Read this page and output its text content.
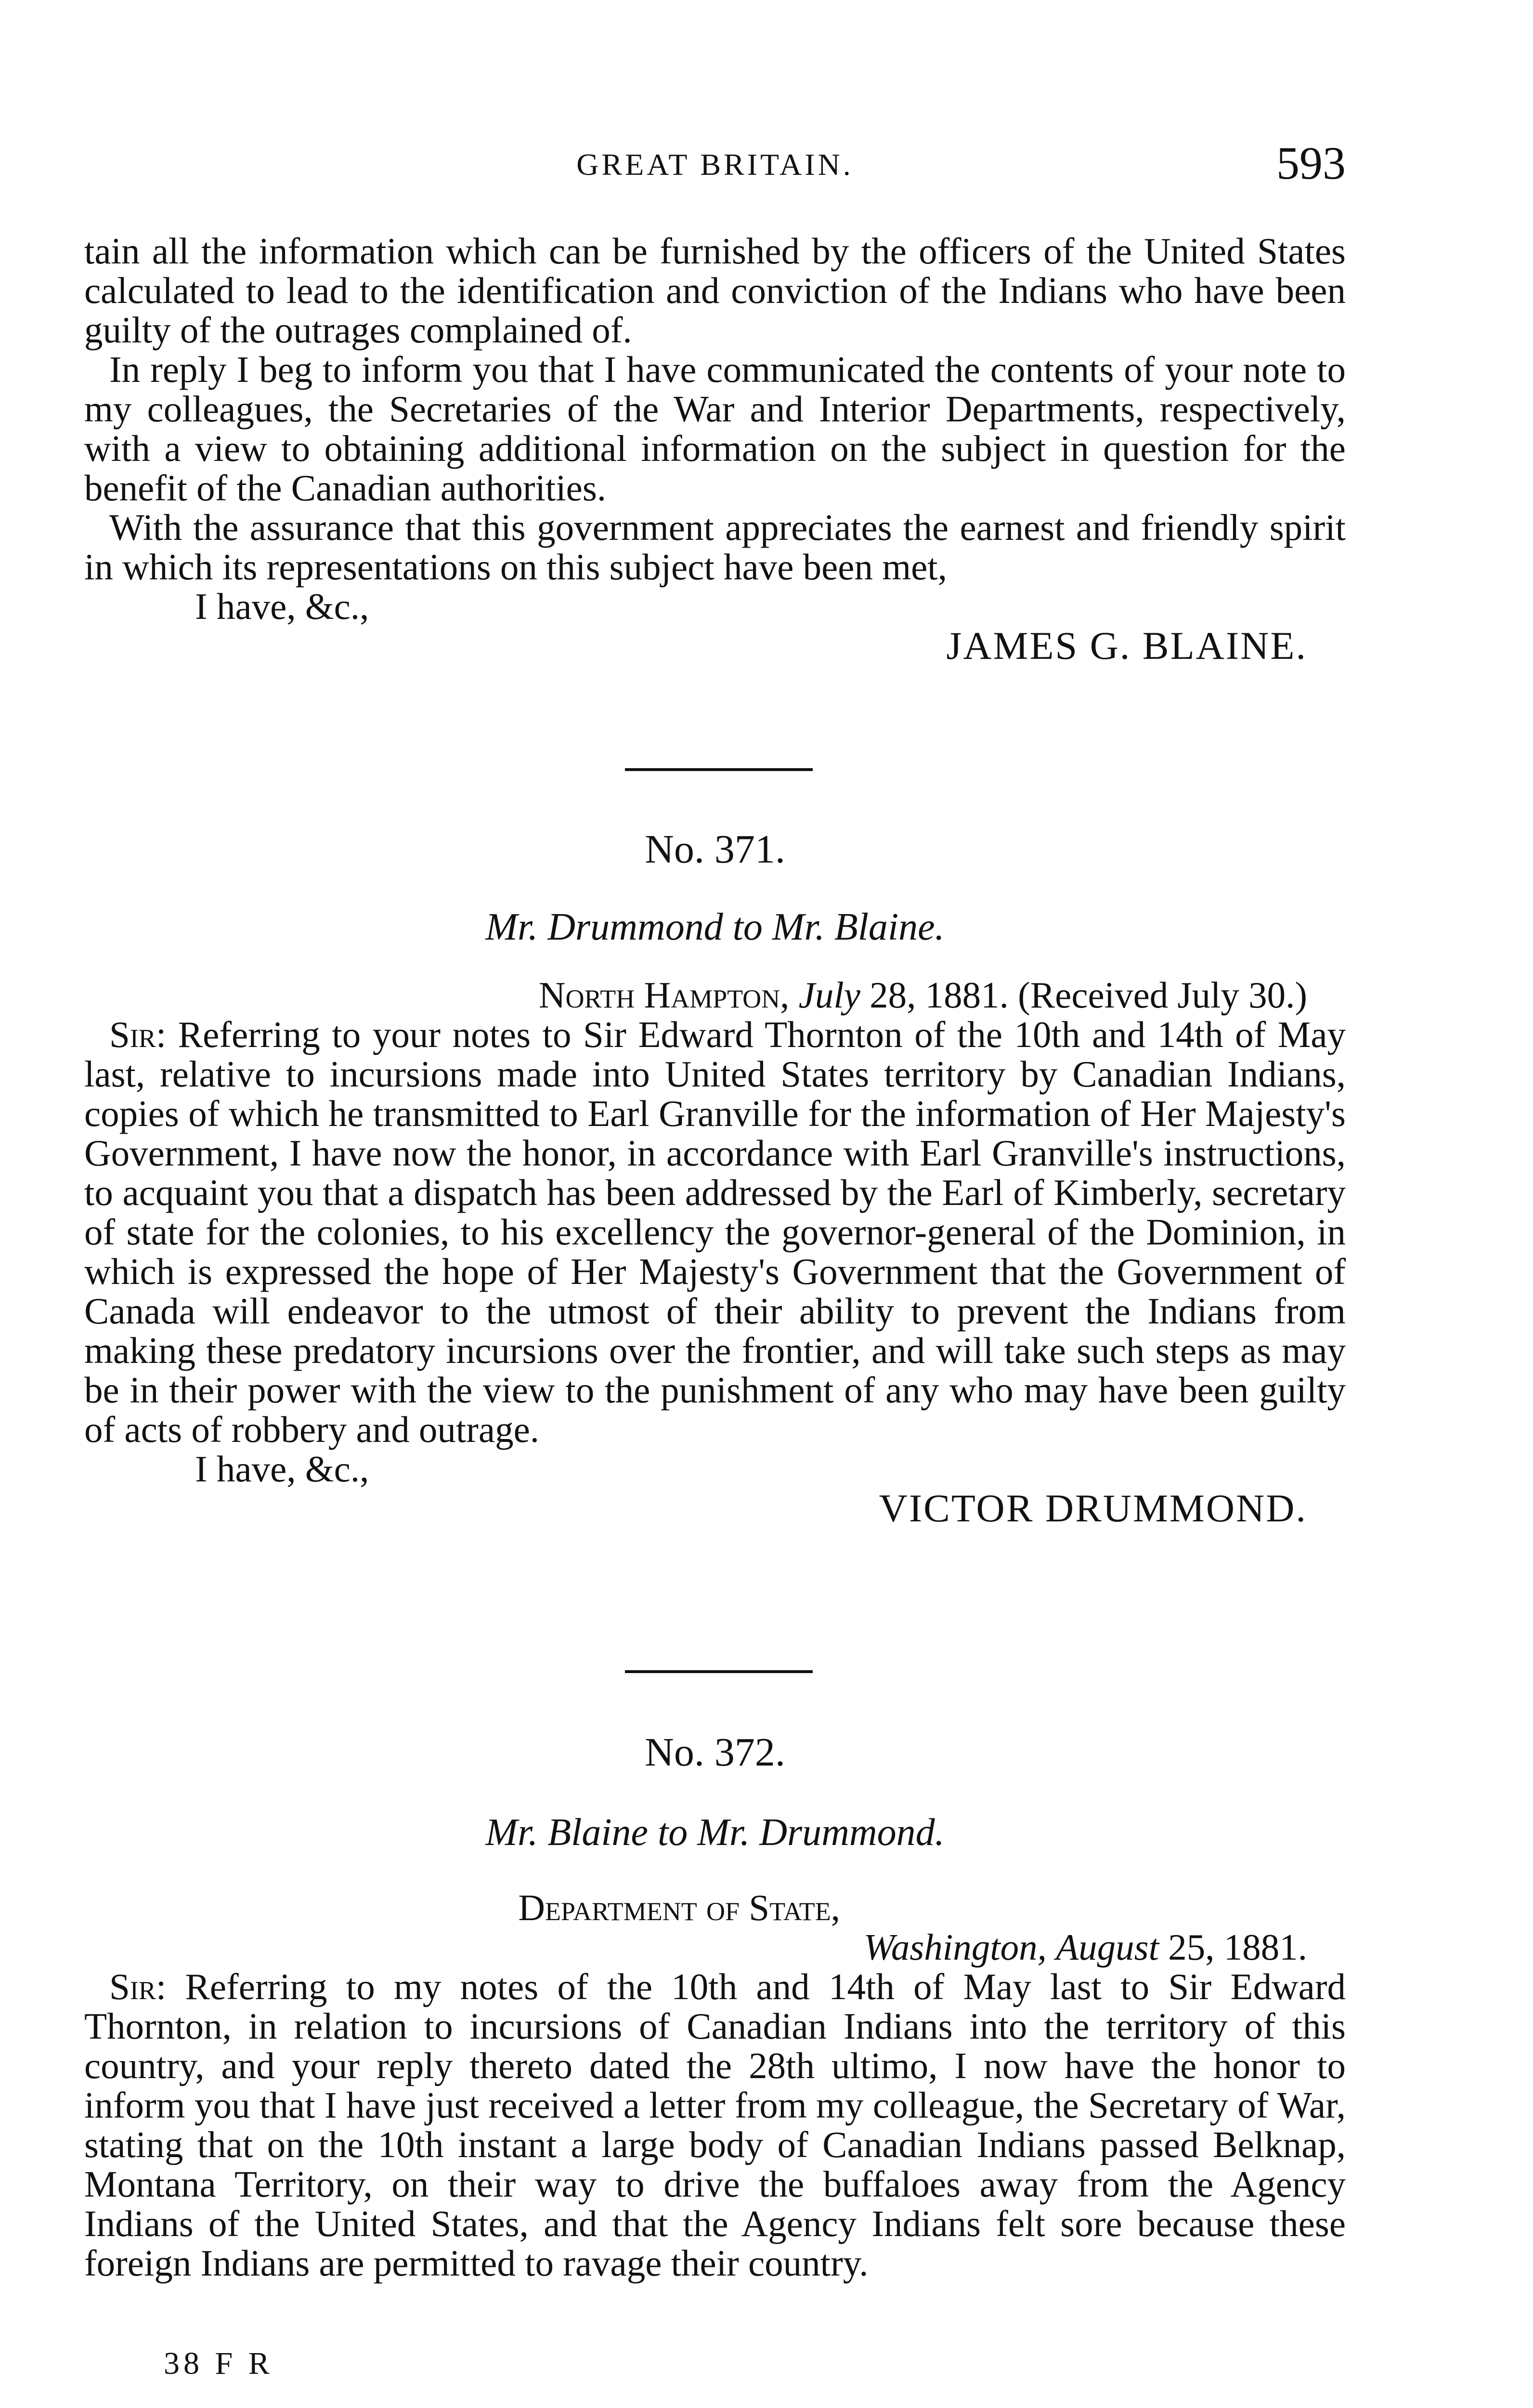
GREAT BRITAIN.	593

tain all the information which can be furnished by the officers of the United States calculated to lead to the identification and conviction of the Indians who have been guilty of the outrages complained of.

In reply I beg to inform you that I have communicated the contents of your note to my colleagues, the Secretaries of the War and Interior Departments, respectively, with a view to obtaining additional information on the subject in question for the benefit of the Canadian authorities.

With the assurance that this government appreciates the earnest and friendly spirit in which its representations on this subject have been met,

I have, &c.,

JAMES G. BLAINE.

No. 371.
Mr. Drummond to Mr. Blaine.

North Hampton, July 28, 1881. (Received July 30.)

Sir: Referring to your notes to Sir Edward Thornton of the 10th and 14th of May last, relative to incursions made into United States territory by Canadian Indians, copies of which he transmitted to Earl Granville for the information of Her Majesty's Government, I have now the honor, in accordance with Earl Granville's instructions, to acquaint you that a dispatch has been addressed by the Earl of Kimberly, secretary of state for the colonies, to his excellency the governor-general of the Dominion, in which is expressed the hope of Her Majesty's Government that the Government of Canada will endeavor to the utmost of their ability to prevent the Indians from making these predatory incursions over the frontier, and will take such steps as may be in their power with the view to the punishment of any who may have been guilty of acts of robbery and outrage.

I have, &c.,

VICTOR DRUMMOND.

No. 372.
Mr. Blaine to Mr. Drummond.

Department of State,

Washington, August 25, 1881.

Sir: Referring to my notes of the 10th and 14th of May last to Sir Edward Thornton, in relation to incursions of Canadian Indians into the territory of this country, and your reply thereto dated the 28th ultimo, I now have the honor to inform you that I have just received a letter from my colleague, the Secretary of War, stating that on the 10th instant a large body of Canadian Indians passed Belknap, Montana Territory, on their way to drive the buffaloes away from the Agency Indians of the United States, and that the Agency Indians felt sore because these foreign Indians are permitted to ravage their country.

38 F R
